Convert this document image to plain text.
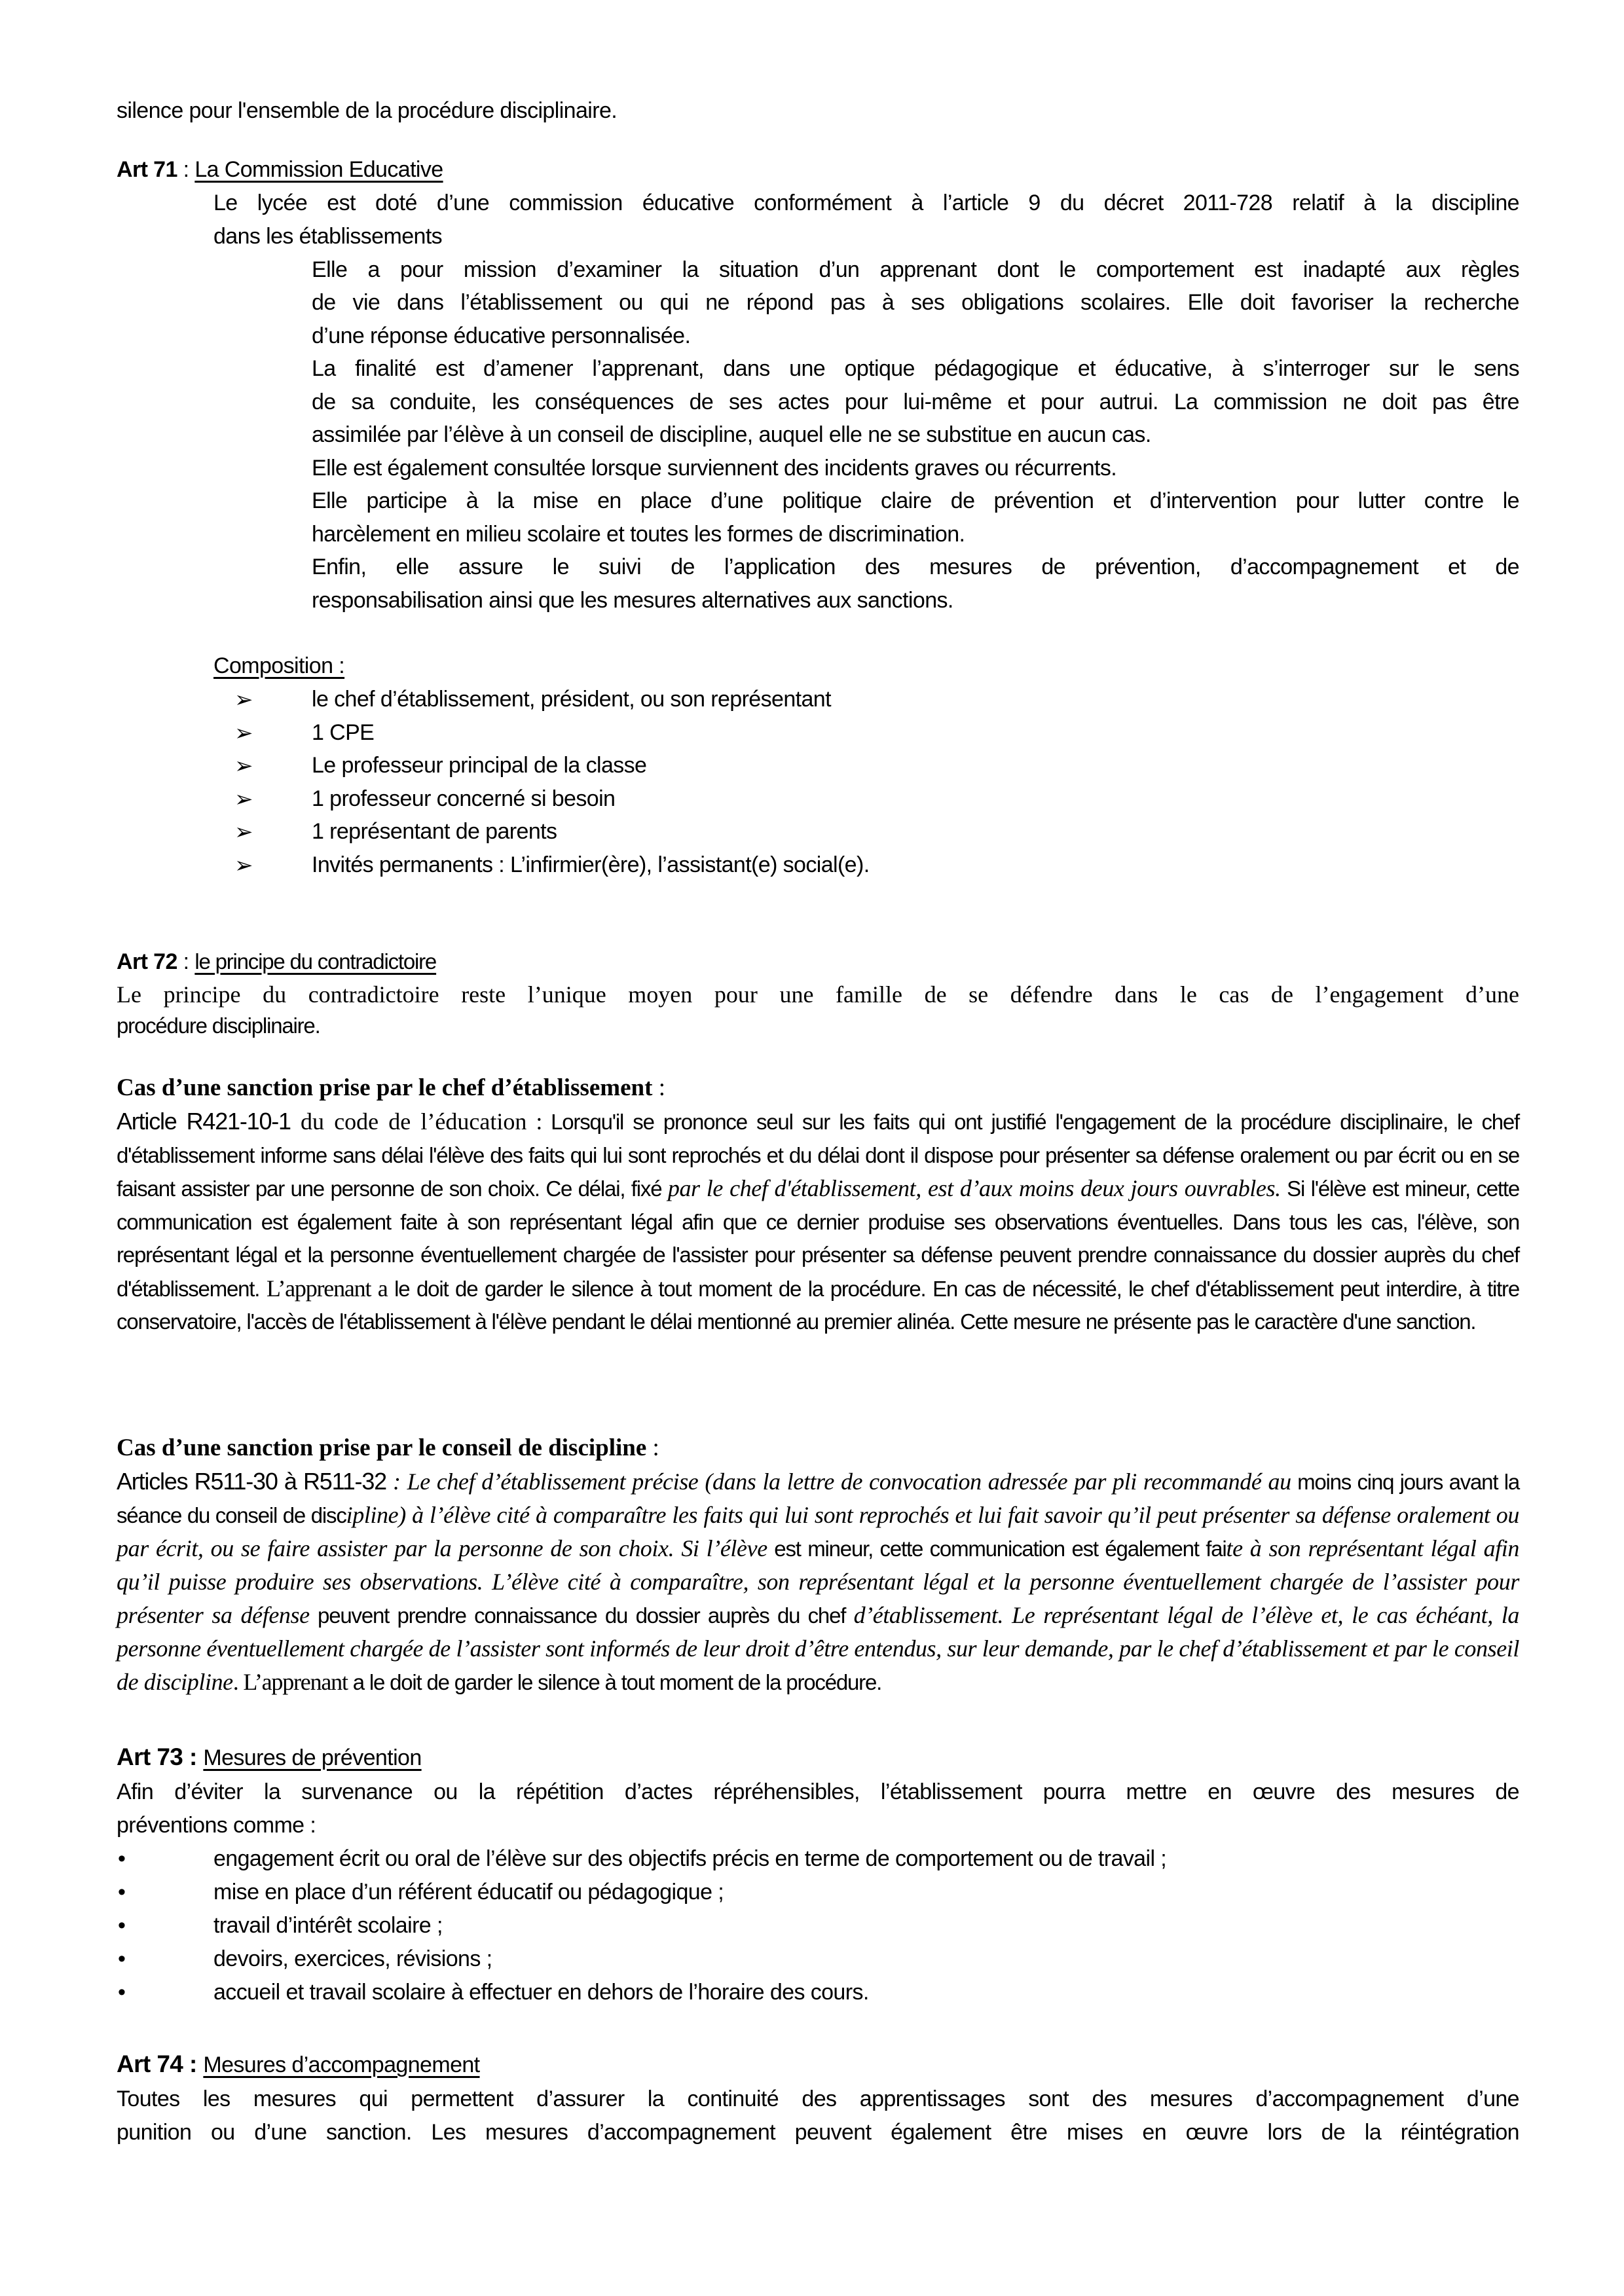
silence pour l'ensemble de la procédure disciplinaire.
Art 71 : La Commission Educative
Le lycée est doté d’une commission éducative conformément à l’article 9 du décret 2011-728 relatif à la discipline
dans les établissements
Elle a pour mission d’examiner la situation d’un apprenant dont le comportement est inadapté aux règles
de vie dans l’établissement ou qui ne répond pas à ses obligations scolaires. Elle doit favoriser la recherche
d’une réponse éducative personnalisée.
La finalité est d’amener l’apprenant, dans une optique pédagogique et éducative, à s’interroger sur le sens
de sa conduite, les conséquences de ses actes pour lui-même et pour autrui. La commission ne doit pas être
assimilée par l’élève à un conseil de discipline, auquel elle ne se substitue en aucun cas.
Elle est également consultée lorsque surviennent des incidents graves ou récurrents.
Elle participe à la mise en place d’une politique claire de prévention et d’intervention pour lutter contre le
harcèlement en milieu scolaire et toutes les formes de discrimination.
Enfin, elle assure le suivi de l’application des mesures de prévention, d’accompagnement et de
responsabilisation ainsi que les mesures alternatives aux sanctions.
Composition :
➢	le chef d’établissement, président, ou son représentant
➢	1 CPE
➢	Le professeur principal de la classe
➢	1 professeur concerné si besoin
➢	1 représentant de parents
➢	Invités permanents : L’infirmier(ère), l’assistant(e) social(e).
Art 72 : le principe du contradictoire
Le principe du contradictoire reste l’unique moyen pour une famille de se défendre dans le cas de l’engagement d’une
procédure disciplinaire.
Cas d’une sanction prise par le chef d’établissement :

Article R421-10-1 du code de l’éducation : Lorsqu'il se prononce seul sur les faits qui ont justifié l'engagement de la procédure disciplinaire, le chef d'établissement informe sans délai l'élève des faits qui lui sont reprochés et du délai dont il dispose pour présenter sa défense oralement ou par écrit ou en se faisant assister par une personne de son choix. Ce délai, fixé par le chef d'établissement, est d’aux moins deux jours ouvrables. Si l'élève est mineur, cette communication est également faite à son représentant légal afin que ce dernier produise ses observations éventuelles. Dans tous les cas, l'élève, son représentant légal et la personne éventuellement chargée de l'assister pour présenter sa défense peuvent prendre connaissance du dossier auprès du chef d'établissement. L’apprenant a le doit de garder le silence à tout moment de la procédure. En cas de nécessité, le chef d'établissement peut interdire, à titre conservatoire, l'accès de l'établissement à l'élève pendant le délai mentionné au premier alinéa. Cette mesure ne présente pas le caractère d'une sanction.

Cas d’une sanction prise par le conseil de discipline :

Articles R511-30 à R511-32 : Le chef d’établissement précise (dans la lettre de convocation adressée par pli recommandé au moins cinq jours avant la séance du conseil de discipline) à l’élève cité à comparaître les faits qui lui sont reprochés et lui fait savoir qu’il peut présenter sa défense oralement ou par écrit, ou se faire assister par la personne de son choix. Si l’élève est mineur, cette communication est également faite à son représentant légal afin qu’il puisse produire ses observations. L’élève cité à comparaître, son représentant légal et la personne éventuellement chargée de l’assister pour présenter sa défense peuvent prendre connaissance du dossier auprès du chef d’établissement. Le représentant légal de l’élève et, le cas échéant, la personne éventuellement chargée de l’assister sont informés de leur droit d’être entendus, sur leur demande, par le chef d’établissement et par le conseil de discipline. L’apprenant a le doit de garder le silence à tout moment de la procédure.

Art 73 : Mesures de prévention
Afin d’éviter la survenance ou la répétition d’actes répréhensibles, l’établissement pourra mettre en œuvre des mesures de
préventions comme :
•	engagement écrit ou oral de l’élève sur des objectifs précis en terme de comportement ou de travail ;
•	mise en place d’un référent éducatif ou pédagogique ;
•	travail d’intérêt scolaire ;
•	devoirs, exercices, révisions ;
•	accueil et travail scolaire à effectuer en dehors de l’horaire des cours.
Art 74 : Mesures d’accompagnement
Toutes les mesures qui permettent d’assurer la continuité des apprentissages sont des mesures d’accompagnement d’une
punition ou d’une sanction. Les mesures d’accompagnement peuvent également être mises en œuvre lors de la réintégration
